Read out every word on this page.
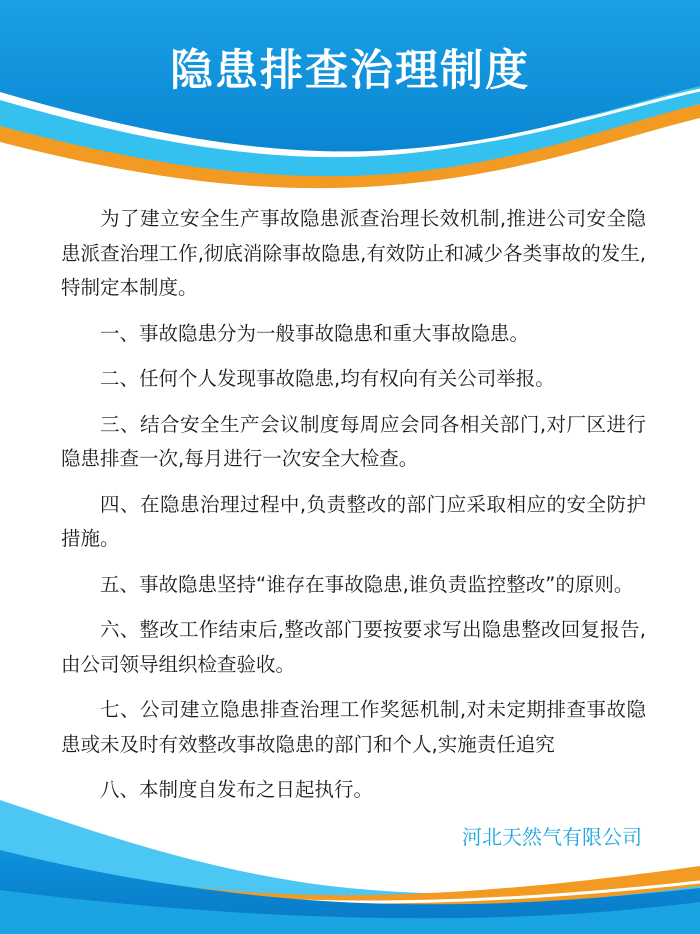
隐患排查治理制度

为了建立安全生产事故隐患派查治理长效机制,推进公司安全隐患派查治理工作,彻底消除事故隐患,有效防止和减少各类事故的发生,特制定本制度。

一、事故隐患分为一般事故隐患和重大事故隐患。

二、任何个人发现事故隐患,均有权向有关公司举报。

三、结合安全生产会议制度每周应会同各相关部门,对厂区进行隐患排查一次,每月进行一次安全大检查。

四、在隐患治理过程中,负责整改的部门应采取相应的安全防护措施。

五、事故隐患坚持“谁存在事故隐患,谁负责监控整改”的原则。

六、整改工作结束后,整改部门要按要求写出隐患整改回复报告,由公司领导组织检查验收。

七、公司建立隐患排查治理工作奖惩机制,对未定期排查事故隐患或未及时有效整改事故隐患的部门和个人,实施责任追究

八、本制度自发布之日起执行。

河北天然气有限公司
